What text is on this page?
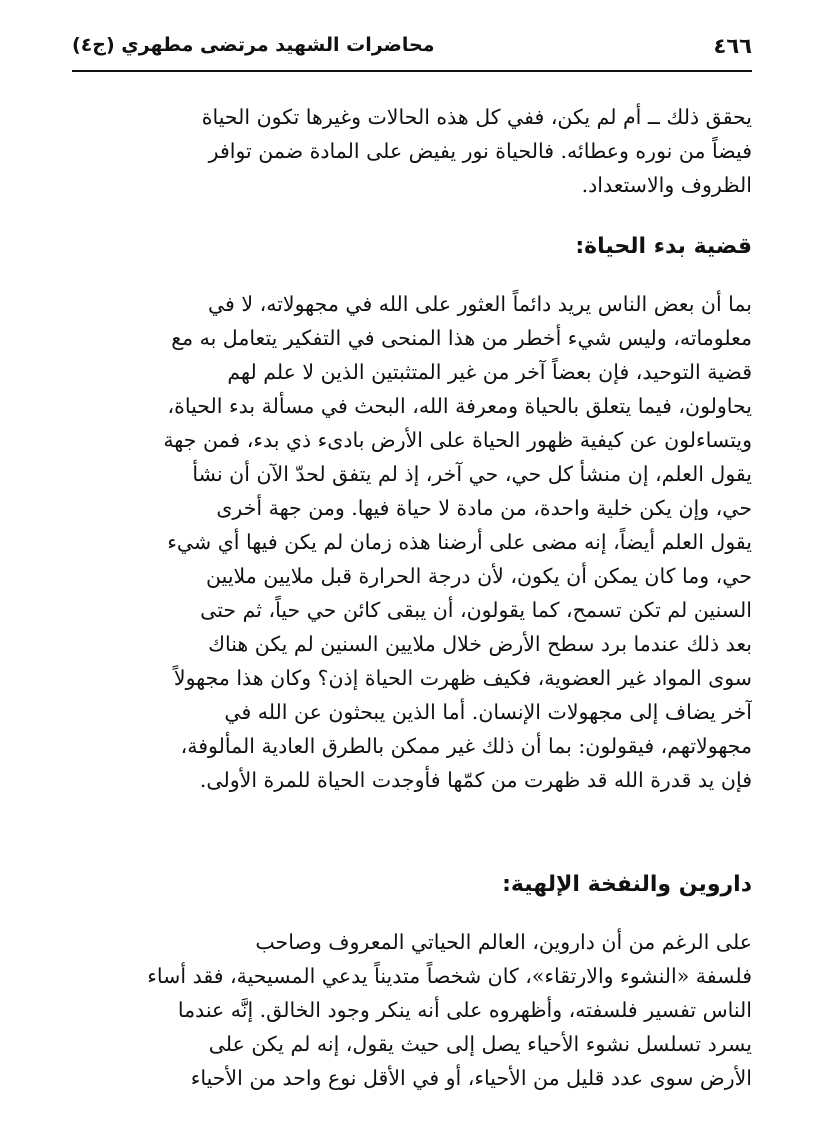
٤٦٦
محاضرات الشهيد مرتضى مطهري (ج٤)
يحقق ذلك ــ أم لم يكن، ففي كل هذه الحالات وغيرها تكون الحياة
فيضاً من نوره وعطائه. فالحياة نور يفيض على المادة ضمن توافر
الظروف والاستعداد.
قضية بدء الحياة:
بما أن بعض الناس يريد دائماً العثور على الله في مجهولاته، لا في
معلوماته، وليس شيء أخطر من هذا المنحى في التفكير يتعامل به مع
قضية التوحيد، فإن بعضاً آخر من غير المتثبتين الذين لا علم لهم
يحاولون، فيما يتعلق بالحياة ومعرفة الله، البحث في مسألة بدء الحياة،
ويتساءلون عن كيفية ظهور الحياة على الأرض بادىء ذي بدء، فمن جهة
يقول العلم، إن منشأ كل حي، حي آخر، إذ لم يتفق لحدّ الآن أن نشأ
حي، وإن يكن خلية واحدة، من مادة لا حياة فيها. ومن جهة أخرى
يقول العلم أيضاً، إنه مضى على أرضنا هذه زمان لم يكن فيها أي شيء
حي، وما كان يمكن أن يكون، لأن درجة الحرارة قبل ملايين ملايين
السنين لم تكن تسمح، كما يقولون، أن يبقى كائن حي حياً، ثم حتى
بعد ذلك عندما برد سطح الأرض خلال ملايين السنين لم يكن هناك
سوى المواد غير العضوية، فكيف ظهرت الحياة إذن؟ وكان هذا مجهولاً
آخر يضاف إلى مجهولات الإنسان. أما الذين يبحثون عن الله في
مجهولاتهم، فيقولون: بما أن ذلك غير ممكن بالطرق العادية المألوفة،
فإن يد قدرة الله قد ظهرت من كمّها فأوجدت الحياة للمرة الأولى.
داروين والنفخة الإلهية:
على الرغم من أن داروين، العالم الحياتي المعروف وصاحب
فلسفة «النشوء والارتقاء»، كان شخصاً متديناً يدعي المسيحية، فقد أساء
الناس تفسير فلسفته، وأظهروه على أنه ينكر وجود الخالق. إنَّه عندما
يسرد تسلسل نشوء الأحياء يصل إلى حيث يقول، إنه لم يكن على
الأرض سوى عدد قليل من الأحياء، أو في الأقل نوع واحد من الأحياء
